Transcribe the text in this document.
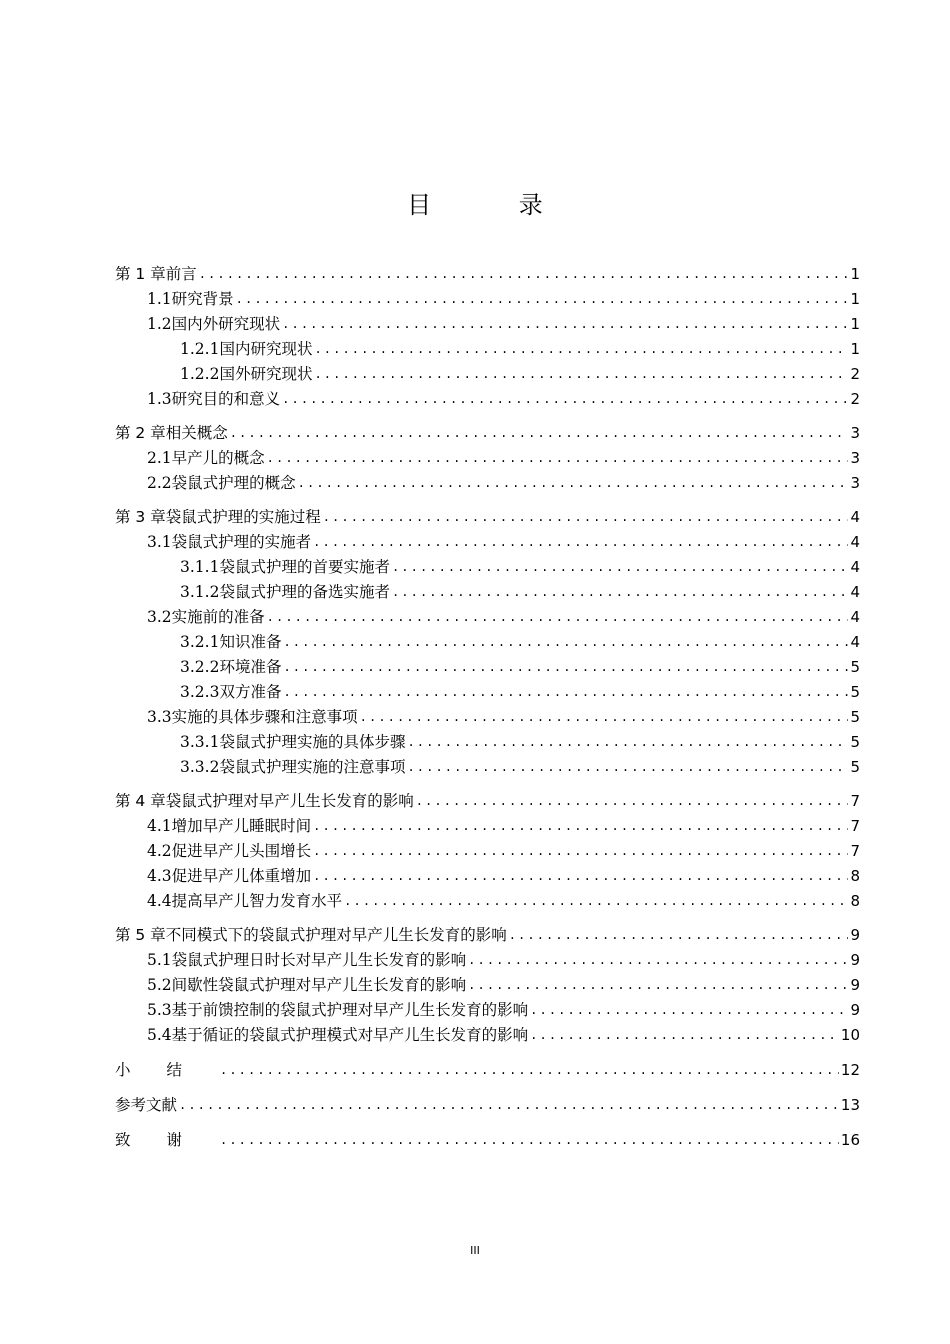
目 录
第 1 章 前言 .....	1
1.1 研究背景 .....	1
1.2 国内外研究现状 .....	1
1.2.1 国内研究现状 .....	1
1.2.2 国外研究现状 .....	2
1.3 研究目的和意义 .....	2
第 2 章 相关概念 .....	3
2.1 早产儿的概念 .....	3
2.2 袋鼠式护理的概念 .....	3
第 3 章 袋鼠式护理的实施过程 .....	4
3.1 袋鼠式护理的实施者 .....	4
3.1.1 袋鼠式护理的首要实施者 .....	4
3.1.2 袋鼠式护理的备选实施者 .....	4
3.2 实施前的准备 .....	4
3.2.1 知识准备 .....	4
3.2.2 环境准备 .....	5
3.2.3 双方准备 .....	5
3.3 实施的具体步骤和注意事项 .....	5
3.3.1 袋鼠式护理实施的具体步骤 .....	5
3.3.2 袋鼠式护理实施的注意事项 .....	5
第 4 章 袋鼠式护理对早产儿生长发育的影响 .....	7
4.1 增加早产儿睡眠时间 .....	7
4.2 促进早产儿头围增长 .....	7
4.3 促进早产儿体重增加 .....	8
4.4 提高早产儿智力发育水平 .....	8
第 5 章 不同模式下的袋鼠式护理对早产儿生长发育的影响 .....	9
5.1 袋鼠式护理日时长对早产儿生长发育的影响 .....	9
5.2 间歇性袋鼠式护理对早产儿生长发育的影响 .....	9
5.3 基于前馈控制的袋鼠式护理对早产儿生长发育的影响 .....	9
5.4 基于循证的袋鼠式护理模式对早产儿生长发育的影响 .....	10
小结 .....	12
参考文献 .....	13
致谢 .....	16
III
